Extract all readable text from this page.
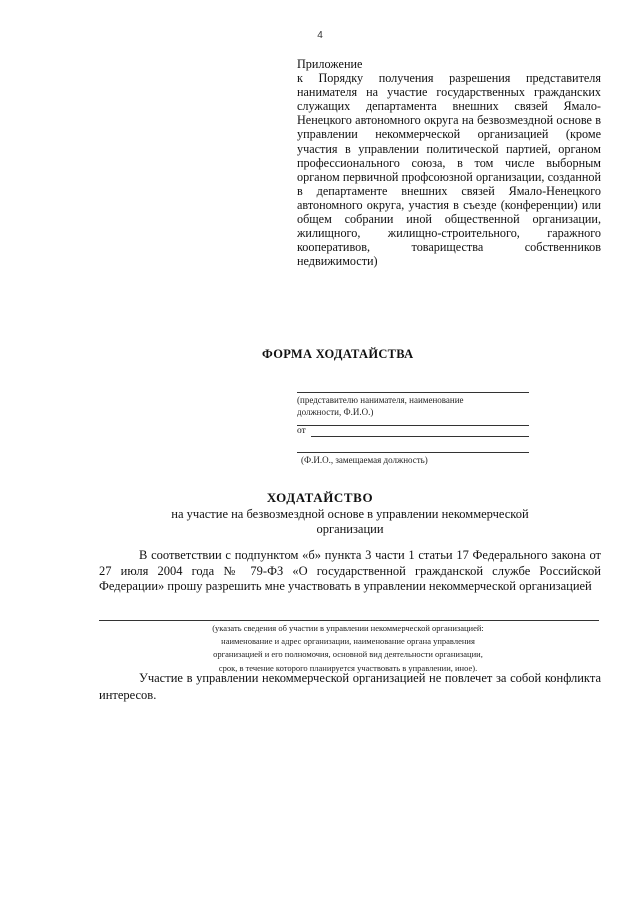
4
Приложение
к Порядку получения разрешения представителя нанимателя на участие государственных гражданских служащих департамента внешних связей Ямало-Ненецкого автономного округа на безвозмездной основе в управлении некоммерческой организацией (кроме участия в управлении политической партией, органом профессионального союза, в том числе выборным органом первичной профсоюзной организации, созданной в департаменте внешних связей Ямало-Ненецкого автономного округа, участия в съезде (конференции) или общем собрании иной общественной организации, жилищного, жилищно-строительного, гаражного кооперативов, товарищества собственников недвижимости)
ФОРМА ХОДАТАЙСТВА
(представителю нанимателя, наименование
должности, Ф.И.О.)
от
(Ф.И.О., замещаемая должность)
ХОДАТАЙСТВО
на участие на безвозмездной основе в управлении некоммерческой организации
В соответствии с подпунктом «б» пункта 3 части 1 статьи 17 Федерального закона от 27 июля 2004 года № 79-ФЗ «О государственной гражданской службе Российской Федерации» прошу разрешить мне участвовать в управлении некоммерческой организацией
(указать сведения об участии в управлении некоммерческой организацией:
наименование и адрес организации, наименование органа управления
организацией и его полномочия, основной вид деятельности организации,
срок, в течение которого планируется участвовать в управлении, иное).
Участие в управлении некоммерческой организацией не повлечет за собой конфликта интересов.
